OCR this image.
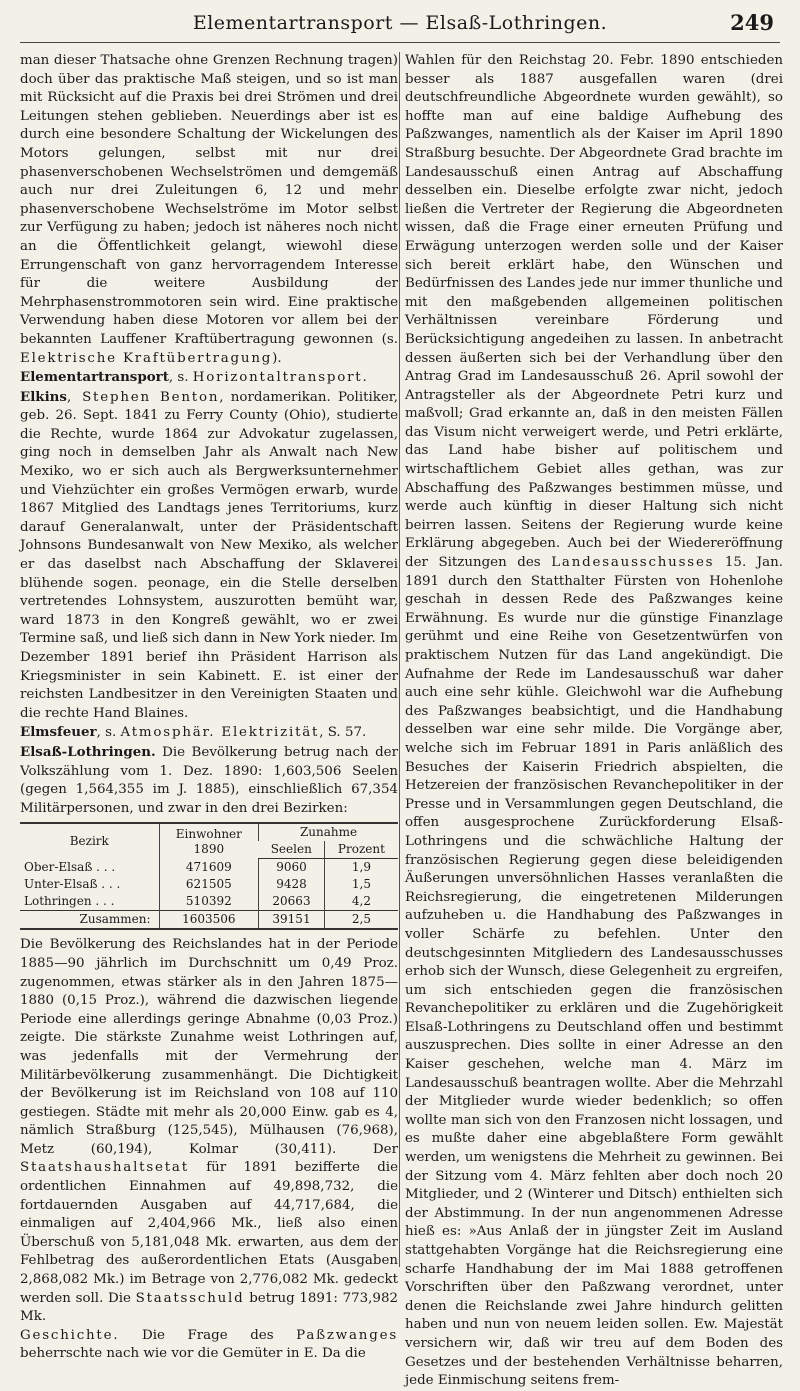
Elementartransport — Elsaß-Lothringen.	249

man dieser Thatsache ohne Grenzen Rechnung tragen) doch über das praktische Maß steigen, und so ist man mit Rücksicht auf die Praxis bei drei Strömen und drei Leitungen stehen geblieben. Neuerdings aber ist es durch eine besondere Schaltung der Wickelungen des Motors gelungen, selbst mit nur drei phasenverschobenen Wechselströmen und demgemäß auch nur drei Zuleitungen 6, 12 und mehr phasenverschobene Wechselströme im Motor selbst zur Verfügung zu haben; jedoch ist näheres noch nicht an die Öffentlichkeit gelangt, wiewohl diese Errungenschaft von ganz hervorragendem Interesse für die weitere Ausbildung der Mehrphasenstrommotoren sein wird. Eine praktische Verwendung haben diese Motoren vor allem bei der bekannten Lauffener Kraftübertragung gewonnen (s. Elektrische Kraftübertragung).

Elementartransport, s. Horizontaltransport.

Elkins, Stephen Benton, nordamerikan. Politiker, geb. 26. Sept. 1841 zu Ferry County (Ohio), studierte die Rechte, wurde 1864 zur Advokatur zugelassen, ging noch in demselben Jahr als Anwalt nach New Mexiko, wo er sich auch als Bergwerksunternehmer und Viehzüchter ein großes Vermögen erwarb, wurde 1867 Mitglied des Landtags jenes Territoriums, kurz darauf Generalanwalt, unter der Präsidentschaft Johnsons Bundesanwalt von New Mexiko, als welcher er das daselbst nach Abschaffung der Sklaverei blühende sogen. peonage, ein die Stelle derselben vertretendes Lohnsystem, auszurotten bemüht war, ward 1873 in den Kongreß gewählt, wo er zwei Termine saß, und ließ sich dann in New York nieder. Im Dezember 1891 berief ihn Präsident Harrison als Kriegsminister in sein Kabinett. E. ist einer der reichsten Landbesitzer in den Vereinigten Staaten und die rechte Hand Blaines.

Elmsfeuer, s. Atmosphär. Elektrizität, S. 57.

Elsaß-Lothringen. Die Bevölkerung betrug nach der Volkszählung vom 1. Dez. 1890: 1,603,506 Seelen (gegen 1,564,355 im J. 1885), einschließlich 67,354 Militärpersonen, und zwar in den drei Bezirken:

Bezirk	Einwohner
1890	Zunahme	
		Seelen	Prozent
Ober-Elsaß . . .	471609	9060	1,9
Unter-Elsaß . . .	621505	9428	1,5
Lothringen . . .	510392	20663	4,2
Zusammen:	1603506	39151	2,5

Die Bevölkerung des Reichslandes hat in der Periode 1885—90 jährlich im Durchschnitt um 0,49 Proz. zugenommen, etwas stärker als in den Jahren 1875—1880 (0,15 Proz.), während die dazwischen liegende Periode eine allerdings geringe Abnahme (0,03 Proz.) zeigte. Die stärkste Zunahme weist Lothringen auf, was jedenfalls mit der Vermehrung der Militärbevölkerung zusammenhängt. Die Dichtigkeit der Bevölkerung ist im Reichsland von 108 auf 110 gestiegen. Städte mit mehr als 20,000 Einw. gab es 4, nämlich Straßburg (125,545), Mülhausen (76,968), Metz (60,194), Kolmar (30,411). Der Staatshaushaltsetat für 1891 bezifferte die ordentlichen Einnahmen auf 49,898,732, die fortdauernden Ausgaben auf 44,717,684, die einmaligen auf 2,404,966 Mk., ließ also einen Überschuß von 5,181,048 Mk. erwarten, aus dem der Fehlbetrag des außerordentlichen Etats (Ausgaben 2,868,082 Mk.) im Betrage von 2,776,082 Mk. gedeckt werden soll. Die Staatsschuld betrug 1891: 773,982 Mk.

Geschichte. Die Frage des Paßzwanges beherrschte nach wie vor die Gemüter in E. Da die

Wahlen für den Reichstag 20. Febr. 1890 entschieden besser als 1887 ausgefallen waren (drei deutschfreundliche Abgeordnete wurden gewählt), so hoffte man auf eine baldige Aufhebung des Paßzwanges, namentlich als der Kaiser im April 1890 Straßburg besuchte. Der Abgeordnete Grad brachte im Landesausschuß einen Antrag auf Abschaffung desselben ein. Dieselbe erfolgte zwar nicht, jedoch ließen die Vertreter der Regierung die Abgeordneten wissen, daß die Frage einer erneuten Prüfung und Erwägung unterzogen werden solle und der Kaiser sich bereit erklärt habe, den Wünschen und Bedürfnissen des Landes jede nur immer thunliche und mit den maßgebenden allgemeinen politischen Verhältnissen vereinbare Förderung und Berücksichtigung angedeihen zu lassen. In anbetracht dessen äußerten sich bei der Verhandlung über den Antrag Grad im Landesausschuß 26. April sowohl der Antragsteller als der Abgeordnete Petri kurz und maßvoll; Grad erkannte an, daß in den meisten Fällen das Visum nicht verweigert werde, und Petri erklärte, das Land habe bisher auf politischem und wirtschaftlichem Gebiet alles gethan, was zur Abschaffung des Paßzwanges bestimmen müsse, und werde auch künftig in dieser Haltung sich nicht beirren lassen. Seitens der Regierung wurde keine Erklärung abgegeben. Auch bei der Wiedereröffnung der Sitzungen des Landesausschusses 15. Jan. 1891 durch den Statthalter Fürsten von Hohenlohe geschah in dessen Rede des Paßzwanges keine Erwähnung. Es wurde nur die günstige Finanzlage gerühmt und eine Reihe von Gesetzentwürfen von praktischem Nutzen für das Land angekündigt. Die Aufnahme der Rede im Landesausschuß war daher auch eine sehr kühle. Gleichwohl war die Aufhebung des Paßzwanges beabsichtigt, und die Handhabung desselben war eine sehr milde. Die Vorgänge aber, welche sich im Februar 1891 in Paris anläßlich des Besuches der Kaiserin Friedrich abspielten, die Hetzereien der französischen Revanchepolitiker in der Presse und in Versammlungen gegen Deutschland, die offen ausgesprochene Zurückforderung Elsaß-Lothringens und die schwächliche Haltung der französischen Regierung gegen diese beleidigenden Äußerungen unversöhnlichen Hasses veranlaßten die Reichsregierung, die eingetretenen Milderungen aufzuheben u. die Handhabung des Paßzwanges in voller Schärfe zu befehlen. Unter den deutschgesinnten Mitgliedern des Landesausschusses erhob sich der Wunsch, diese Gelegenheit zu ergreifen, um sich entschieden gegen die französischen Revanchepolitiker zu erklären und die Zugehörigkeit Elsaß-Lothringens zu Deutschland offen und bestimmt auszusprechen. Dies sollte in einer Adresse an den Kaiser geschehen, welche man 4. März im Landesausschuß beantragen wollte. Aber die Mehrzahl der Mitglieder wurde wieder bedenklich; so offen wollte man sich von den Franzosen nicht lossagen, und es mußte daher eine abgeblaßtere Form gewählt werden, um wenigstens die Mehrheit zu gewinnen. Bei der Sitzung vom 4. März fehlten aber doch noch 20 Mitglieder, und 2 (Winterer und Ditsch) enthielten sich der Abstimmung. In der nun angenommenen Adresse hieß es: »Aus Anlaß der in jüngster Zeit im Ausland stattgehabten Vorgänge hat die Reichsregierung eine scharfe Handhabung der im Mai 1888 getroffenen Vorschriften über den Paßzwang verordnet, unter denen die Reichslande zwei Jahre hindurch gelitten haben und nun von neuem leiden sollen. Ew. Majestät versichern wir, daß wir treu auf dem Boden des Gesetzes und der bestehenden Verhältnisse beharren, jede Einmischung seitens frem-
